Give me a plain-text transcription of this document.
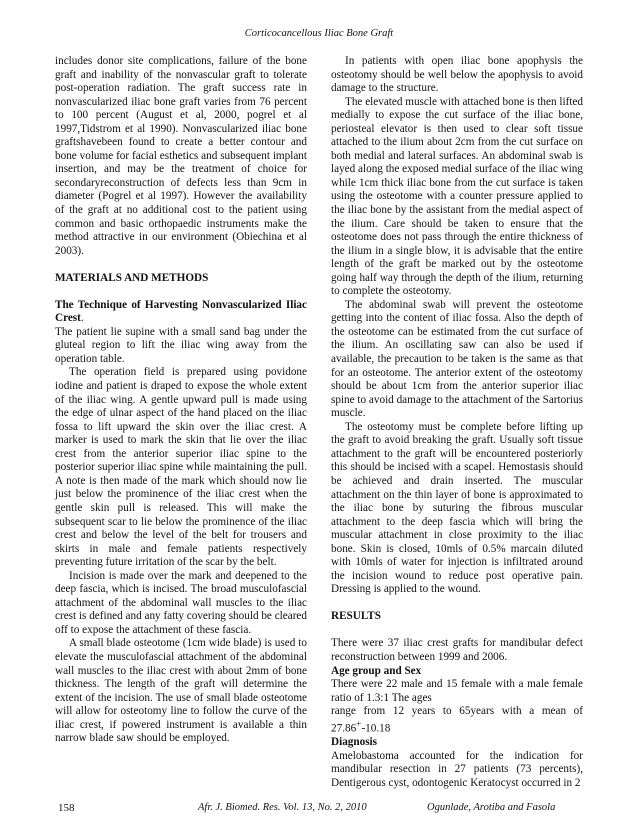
Corticocancellous Iliac Bone Graft

includes donor site complications, failure of the bone graft and inability of the nonvascular graft to tolerate post-operation radiation. The graft success rate in nonvascularized iliac bone graft varies from 76 percent to 100 percent (August et al, 2000, pogrel et al 1997,Tidstrom et al 1990). Nonvascularized iliac bone graftshavebeen found to create a better contour and bone volume for facial esthetics and subsequent implant insertion, and may be the treatment of choice for secondaryreconstruction of defects less than 9cm in diameter (Pogrel et al 1997). However the availability of the graft at no additional cost to the patient using common and basic orthopaedic instruments make the method attractive in our environment (Obiechina et al 2003).

MATERIALS AND METHODS

The Technique of Harvesting Nonvascularized Iliac Crest.

The patient lie supine with a small sand bag under the gluteal region to lift the iliac wing away from the operation table.

The operation field is prepared using povidone iodine and patient is draped to expose the whole extent of the iliac wing. A gentle upward pull is made using the edge of ulnar aspect of the hand placed on the iliac fossa to lift upward the skin over the iliac crest. A marker is used to mark the skin that lie over the iliac crest from the anterior superior iliac spine to the posterior superior iliac spine while maintaining the pull. A note is then made of the mark which should now lie just below the prominence of the iliac crest when the gentle skin pull is released. This will make the subsequent scar to lie below the prominence of the iliac crest and below the level of the belt for trousers and skirts in male and female patients respectively preventing future irritation of the scar by the belt.

Incision is made over the mark and deepened to the deep fascia, which is incised. The broad musculofascial attachment of the abdominal wall muscles to the iliac crest is defined and any fatty covering should be cleared off to expose the attachment of these fascia.

A small blade osteotome (1cm wide blade) is used to elevate the musculofascial attachment of the abdominal wall muscles to the iliac crest with about 2mm of bone thickness. The length of the graft will determine the extent of the incision. The use of small blade osteotome will allow for osteotomy line to follow the curve of the iliac crest, if powered instrument is available a thin narrow blade saw should be employed.

In patients with open iliac bone apophysis the osteotomy should be well below the apophysis to avoid damage to the structure.

The elevated muscle with attached bone is then lifted medially to expose the cut surface of the iliac bone, periosteal elevator is then used to clear soft tissue attached to the ilium about 2cm from the cut surface on both medial and lateral surfaces. An abdominal swab is layed along the exposed medial surface of the iliac wing while 1cm thick iliac bone from the cut surface is taken using the osteotome with a counter pressure applied to the iliac bone by the assistant from the medial aspect of the ilium. Care should be taken to ensure that the osteotome does not pass through the entire thickness of the ilium in a single blow, it is advisable that the entire length of the graft be marked out by the osteotome going half way through the depth of the ilium, returning to complete the osteotomy.

The abdominal swab will prevent the osteotome getting into the content of iliac fossa. Also the depth of the osteotome can be estimated from the cut surface of the ilium. An oscillating saw can also be used if available, the precaution to be taken is the same as that for an osteotome. The anterior extent of the osteotomy should be about 1cm from the anterior superior iliac spine to avoid damage to the attachment of the Sartorius muscle.

The osteotomy must be complete before lifting up the graft to avoid breaking the graft. Usually soft tissue attachment to the graft will be encountered posteriorly this should be incised with a scapel. Hemostasis should be achieved and drain inserted. The muscular attachment on the thin layer of bone is approximated to the iliac bone by suturing the fibrous muscular attachment to the deep fascia which will bring the muscular attachment in close proximity to the iliac bone. Skin is closed, 10mls of 0.5% marcain diluted with 10mls of water for injection is infiltrated around the incision wound to reduce post operative pain. Dressing is applied to the wound.

RESULTS

There were 37 iliac crest grafts for mandibular defect reconstruction between 1999 and 2006.

Age group and Sex

There were 22 male and 15 female with a male female ratio of 1.3:1 The ages

range from 12 years to 65years with a mean of 27.86+-10.18

Diagnosis

Amelobastoma accounted for the indication for mandibular resection in 27 patients (73 percents), Dentigerous cyst, odontogenic Keratocyst occurred in 2

158	Afr. J. Biomed. Res. Vol. 13, No. 2, 2010	Ogunlade, Arotiba and Fasola
